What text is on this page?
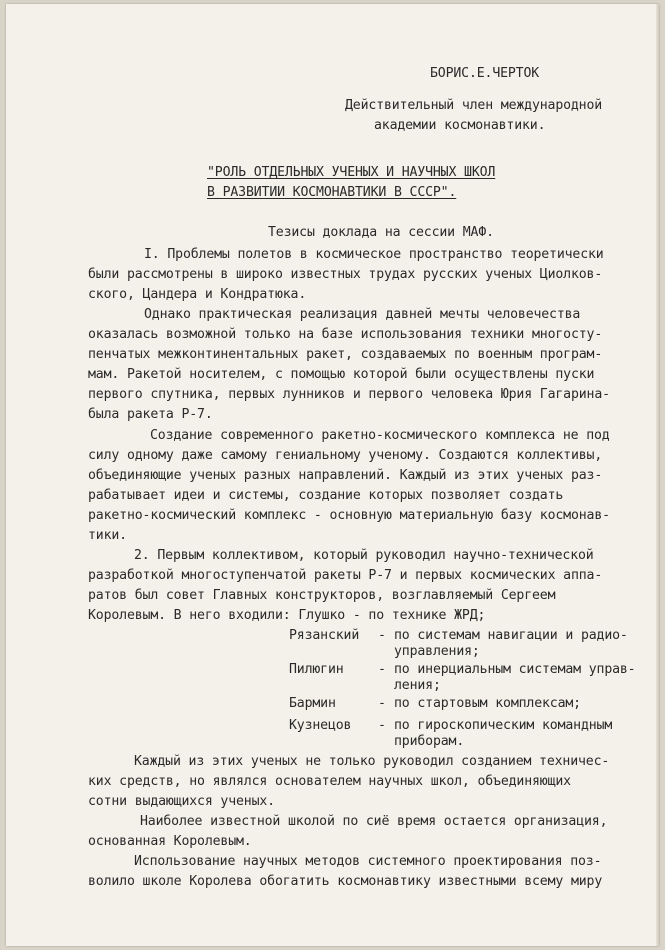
БОРИС.Е.ЧЕРТОК
Действительный член международной
академии космонавтики.
"РОЛЬ ОТДЕЛЬНЫХ УЧЕНЫХ И НАУЧНЫХ ШКОЛ
В РАЗВИТИИ КОСМОНАВТИКИ В СССР".
Тезисы доклада на сессии МАФ.
I. Проблемы полетов в космическое пространство теоретически
были рассмотрены в широко известных трудах русских ученых Циолков-
ского, Цандера и Кондратюка.
Однако практическая реализация давней мечты человечества
оказалась возможной только на базе использования техники многосту-
пенчатых межконтинентальных ракет, создаваемых по военным програм-
мам. Ракетой носителем, с помощью которой были осуществлены пуски
первого спутника, первых лунников и первого человека Юрия Гагарина-
была ракета Р-7.
Создание современного ракетно-космического комплекса не под
силу одному даже самому гениальному ученому. Создаются коллективы,
объединяющие ученых разных направлений. Каждый из этих ученых раз-
рабатывает идеи и системы, создание которых позволяет создать
ракетно-космический комплекс - основную материальную базу космонав-
тики.
2. Первым коллективом, который руководил научно-технической
разработкой многоступенчатой ракеты Р-7 и первых космических аппа-
ратов был совет Главных конструкторов, возглавляемый Сергеем
Королевым. В него входили: Глушко - по технике ЖРД;
Рязанский - по системам навигации и радио-
управления;
Пилюгин	- по инерциальным системам управ-
ления;
Бармин	- по стартовым комплексам;
Кузнецов - по гироскопическим командным
приборам.
Каждый из этих ученых не только руководил созданием техничес-
ких средств, но являлся основателем научных школ, объединяющих
сотни выдающихся ученых.
Наиболее известной школой по сиё время остается организация,
основанная Королевым.
Использование научных методов системного проектирования поз-
волило школе Королева обогатить космонавтику известными всему миру
